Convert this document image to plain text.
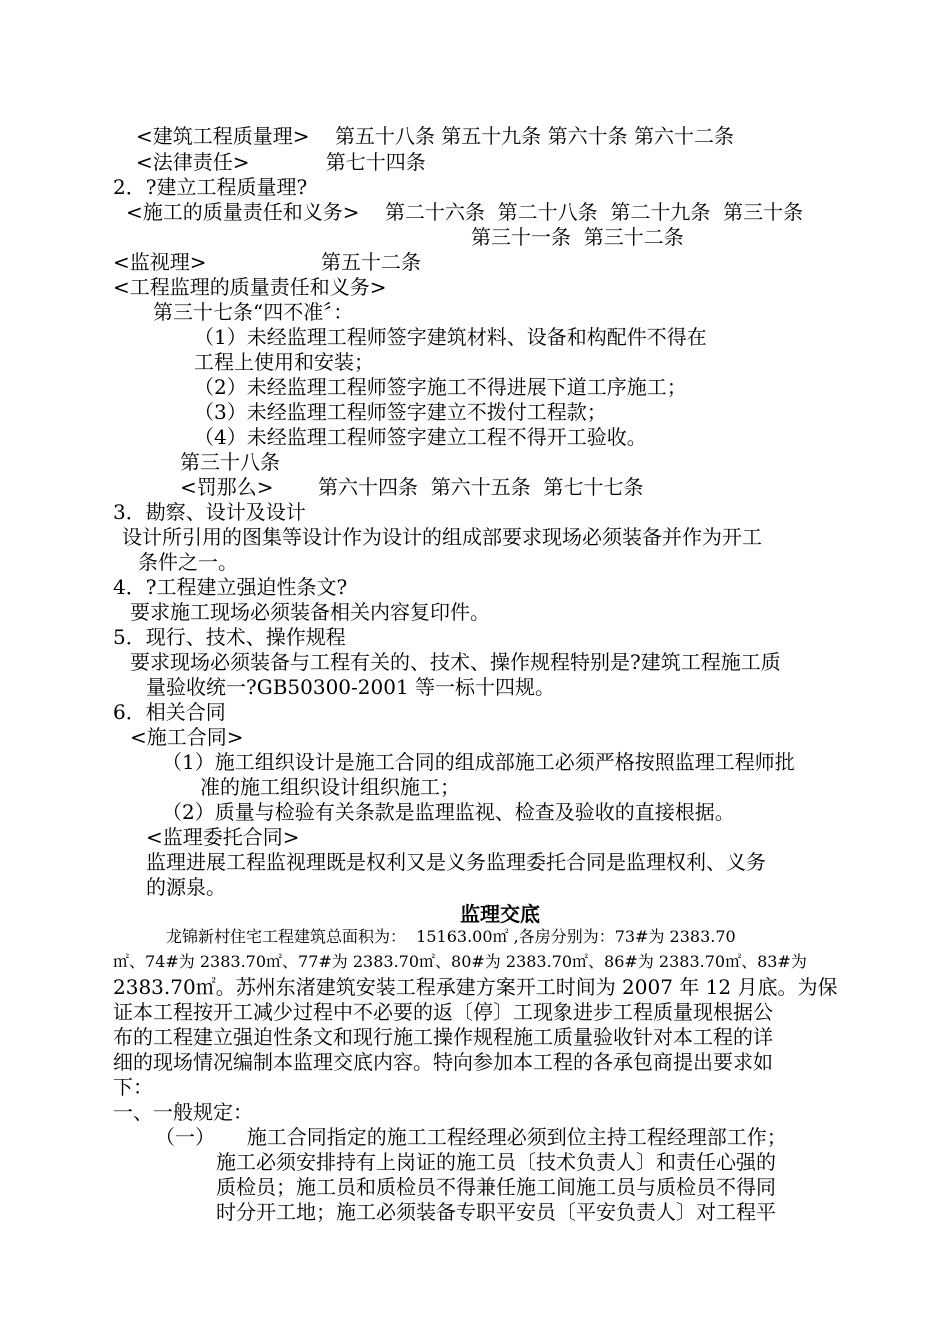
<建筑工程质量理>    第五十八条 第五十九条 第六十条 第六十二条
<法律责任>            第七十四条
2．?建立工程质量理?
<施工的质量责任和义务>    第二十六条  第二十八条  第二十九条  第三十条
第三十一条  第三十二条
<监视理>                  第五十二条
<工程监理的质量责任和义务>
第三十七条“四不准〞：
（1）未经监理工程师签字建筑材料、设备和构配件不得在
工程上使用和安装；
（2）未经监理工程师签字施工不得进展下道工序施工；
（3）未经监理工程师签字建立不拨付工程款；
（4）未经监理工程师签字建立工程不得开工验收。
第三十八条
<罚那么>       第六十四条  第六十五条  第七十七条
3．勘察、设计及设计
设计所引用的图集等设计作为设计的组成部要求现场必须装备并作为开工
条件之一。
4．?工程建立强迫性条文?
要求施工现场必须装备相关内容复印件。
5．现行、技术、操作规程
要求现场必须装备与工程有关的、技术、操作规程特别是?建筑工程施工质
量验收统一?GB50300-2001 等一标十四规。
6．相关合同
<施工合同>
（1）施工组织设计是施工合同的组成部施工必须严格按照监理工程师批
准的施工组织设计组织施工；
（2）质量与检验有关条款是监理监视、检查及验收的直接根据。
<监理委托合同>
监理进展工程监视理既是权利又是义务监理委托合同是监理权利、义务
的源泉。
监理交底
龙锦新村住宅工程建筑总面积为：  15163.00㎡ ,各房分别为：73#为 2383.70
㎡、74#为 2383.70㎡、77#为 2383.70㎡、80#为 2383.70㎡、86#为 2383.70㎡、83#为
2383.70㎡。苏州东渚建筑安装工程承建方案开工时间为 2007 年 12 月底。为保
证本工程按开工减少过程中不必要的返〔停〕工现象进步工程质量现根据公
布的工程建立强迫性条文和现行施工操作规程施工质量验收针对本工程的详
细的现场情况编制本监理交底内容。特向参加本工程的各承包商提出要求如
下：
一、一般规定：
（一）     施工合同指定的施工工程经理必须到位主持工程经理部工作；
施工必须安排持有上岗证的施工员〔技术负责人〕和责任心强的
质检员；施工员和质检员不得兼任施工间施工员与质检员不得同
时分开工地；施工必须装备专职平安员〔平安负责人〕对工程平
